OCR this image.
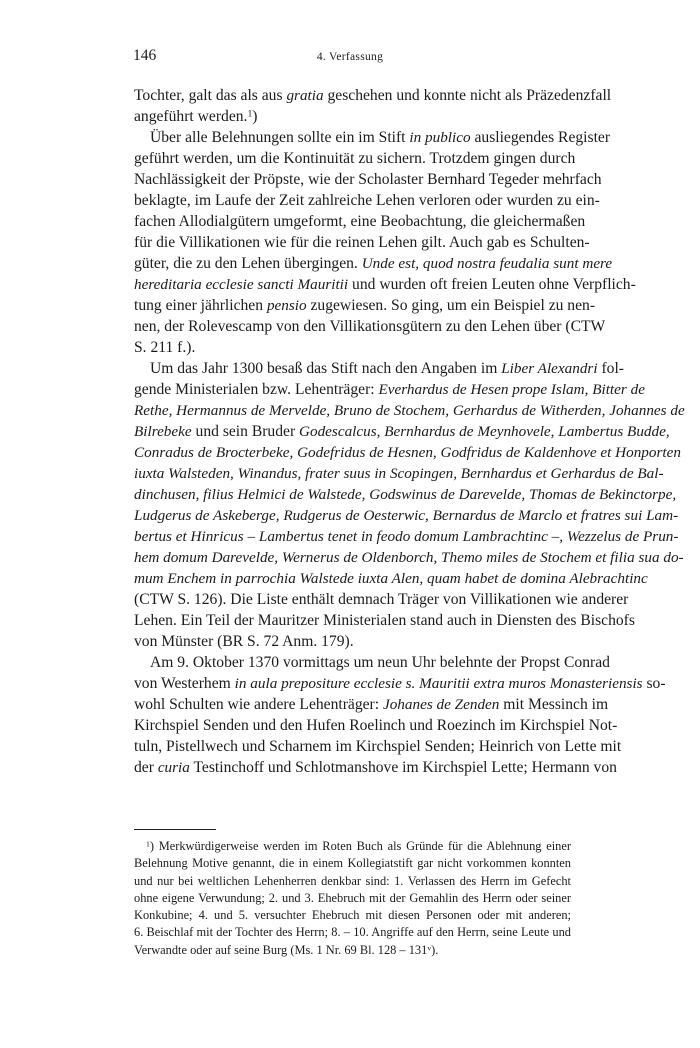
146	4. Verfassung
Tochter, galt das als aus gratia geschehen und konnte nicht als Präzedenzfall
angeführt werden.$^1$)
Über alle Belehnungen sollte ein im Stift in publico ausliegendes Register
geführt werden, um die Kontinuität zu sichern. Trotzdem gingen durch
Nachlässigkeit der Pröpste, wie der Scholaster Bernhard Tegeder mehrfach
beklagte, im Laufe der Zeit zahlreiche Lehen verloren oder wurden zu ein-
fachen Allodialgütern umgeformt, eine Beobachtung, die gleichermaßen
für die Villikationen wie für die reinen Lehen gilt. Auch gab es Schulten-
güter, die zu den Lehen übergingen. Unde est, quod nostra feudalia sunt mere
hereditaria ecclesie sancti Mauritii und wurden oft freien Leuten ohne Verpflich-
tung einer jährlichen pensio zugewiesen. So ging, um ein Beispiel zu nen-
nen, der Rolevescamp von den Villikationsgütern zu den Lehen über (CTW
S. 211 f.).
Um das Jahr 1300 besaß das Stift nach den Angaben im Liber Alexandri fol-
gende Ministerialen bzw. Lehenträger: Everhardus de Hesen prope Islam, Bitter de
Rethe, Hermannus de Mervelde, Bruno de Stochem, Gerhardus de Witherden, Johannes de
Bilrebeke und sein Bruder Godescalcus, Bernhardus de Meynhovele, Lambertus Budde,
Conradus de Brocterbeke, Godefridus de Hesnen, Godfridus de Kaldenhove et Honporten
iuxta Walsteden, Winandus, frater suus in Scopingen, Bernhardus et Gerhardus de Bal-
dinchusen, filius Helmici de Walstede, Godswinus de Darevelde, Thomas de Bekinctorpe,
Ludgerus de Askeberge, Rudgerus de Oesterwic, Bernardus de Marclo et fratres sui Lam-
bertus et Hinricus – Lambertus tenet in feodo domum Lambrachtinc –, Wezzelus de Prun-
hem domum Darevelde, Wernerus de Oldenborch, Themo miles de Stochem et filia sua do-
mum Enchem in parrochia Walstede iuxta Alen, quam habet de domina Alebrachtinc
(CTW S. 126). Die Liste enthält demnach Träger von Villikationen wie anderer
Lehen. Ein Teil der Mauritzer Ministerialen stand auch in Diensten des Bischofs
von Münster (BR S. 72 Anm. 179).
Am 9. Oktober 1370 vormittags um neun Uhr belehnte der Propst Conrad
von Westerhem in aula prepositure ecclesie s. Mauritii extra muros Monasteriensis so-
wohl Schulten wie andere Lehenträger: Johanes de Zenden mit Messinch im
Kirchspiel Senden und den Hufen Roelinch und Roezinch im Kirchspiel Not-
tuln, Pistellwech und Scharnem im Kirchspiel Senden; Heinrich von Lette mit
der curia Testinchoff und Schlotmanshove im Kirchspiel Lette; Hermann von
$^1$) Merkwürdigerweise werden im Roten Buch als Gründe für die Ablehnung einer
Belehnung Motive genannt, die in einem Kollegiatstift gar nicht vorkommen konnten
und nur bei weltlichen Lehenherren denkbar sind: 1. Verlassen des Herrn im Gefecht
ohne eigene Verwundung; 2. und 3. Ehebruch mit der Gemahlin des Herrn oder seiner
Konkubine; 4. und 5. versuchter Ehebruch mit diesen Personen oder mit anderen;
6. Beischlaf mit der Tochter des Herrn; 8. – 10. Angriffe auf den Herrn, seine Leute und
Verwandte oder auf seine Burg (Ms. 1 Nr. 69 Bl. 128 – 131$^v$).
